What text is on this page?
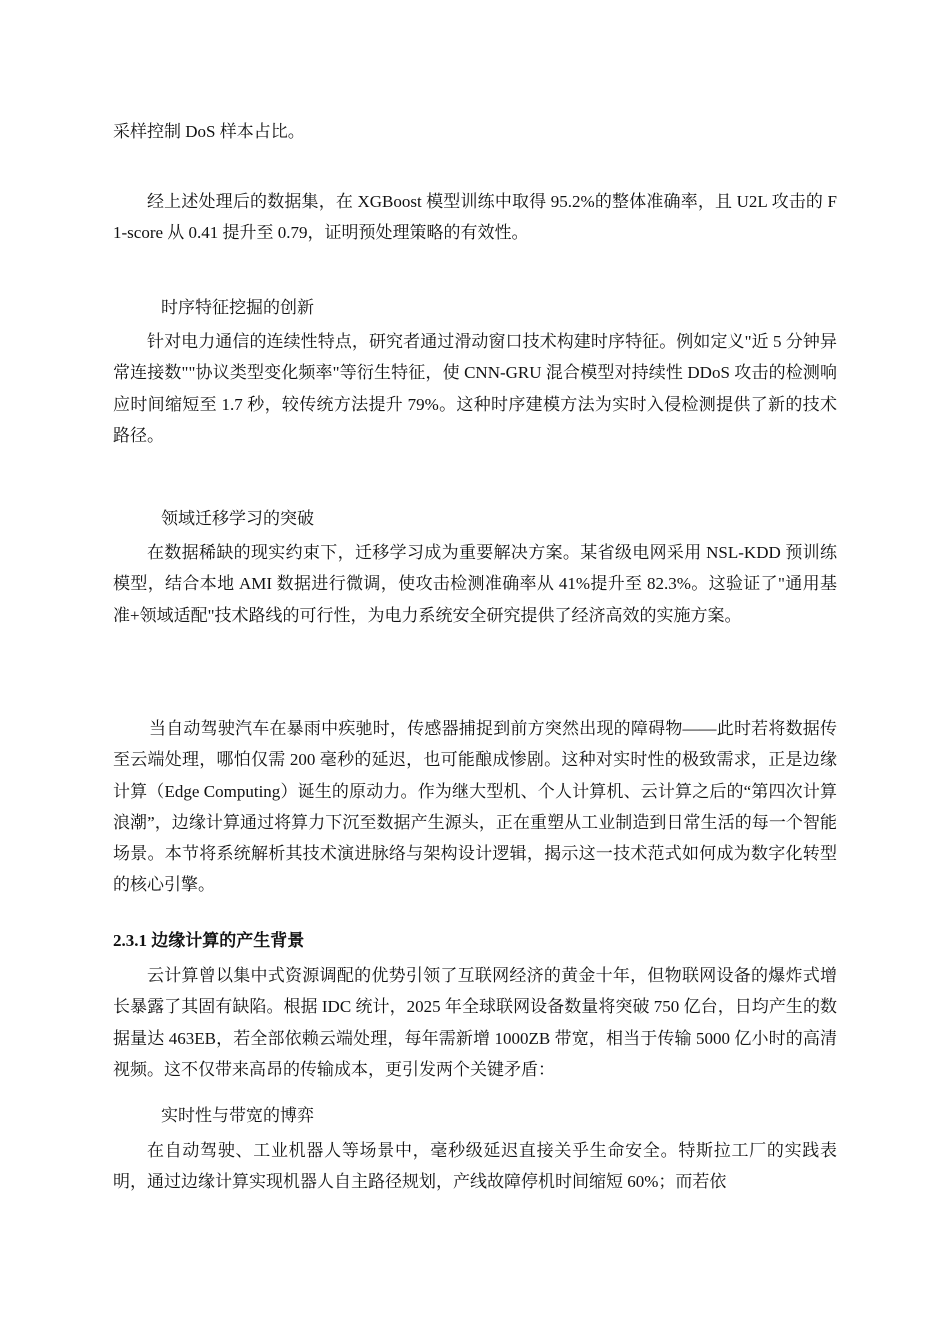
采样控制 DoS 样本占比。

经上述处理后的数据集，在 XGBoost 模型训练中取得 95.2%的整体准确率，且 U2L 攻击的 F1-score 从 0.41 提升至 0.79，证明预处理策略的有效性。

时序特征挖掘的创新

针对电力通信的连续性特点，研究者通过滑动窗口技术构建时序特征。例如定义"近 5 分钟异常连接数""协议类型变化频率"等衍生特征，使 CNN-GRU 混合模型对持续性 DDoS 攻击的检测响应时间缩短至 1.7 秒，较传统方法提升 79%。这种时序建模方法为实时入侵检测提供了新的技术路径。

领域迁移学习的突破

在数据稀缺的现实约束下，迁移学习成为重要解决方案。某省级电网采用 NSL-KDD 预训练模型，结合本地 AMI 数据进行微调，使攻击检测准确率从 41%提升至 82.3%。这验证了"通用基准+领域适配"技术路线的可行性，为电力系统安全研究提供了经济高效的实施方案。

当自动驾驶汽车在暴雨中疾驰时，传感器捕捉到前方突然出现的障碍物——此时若将数据传至云端处理，哪怕仅需 200 毫秒的延迟，也可能酿成惨剧。这种对实时性的极致需求，正是边缘计算（Edge Computing）诞生的原动力。作为继大型机、个人计算机、云计算之后的“第四次计算浪潮”，边缘计算通过将算力下沉至数据产生源头，正在重塑从工业制造到日常生活的每一个智能场景。本节将系统解析其技术演进脉络与架构设计逻辑，揭示这一技术范式如何成为数字化转型的核心引擎。

2.3.1 边缘计算的产生背景

云计算曾以集中式资源调配的优势引领了互联网经济的黄金十年，但物联网设备的爆炸式增长暴露了其固有缺陷。根据 IDC 统计，2025 年全球联网设备数量将突破 750 亿台，日均产生的数据量达 463EB，若全部依赖云端处理，每年需新增 1000ZB 带宽，相当于传输 5000 亿小时的高清视频。这不仅带来高昂的传输成本，更引发两个关键矛盾：

实时性与带宽的博弈

在自动驾驶、工业机器人等场景中，毫秒级延迟直接关乎生命安全。特斯拉工厂的实践表明，通过边缘计算实现机器人自主路径规划，产线故障停机时间缩短 60%；而若依
